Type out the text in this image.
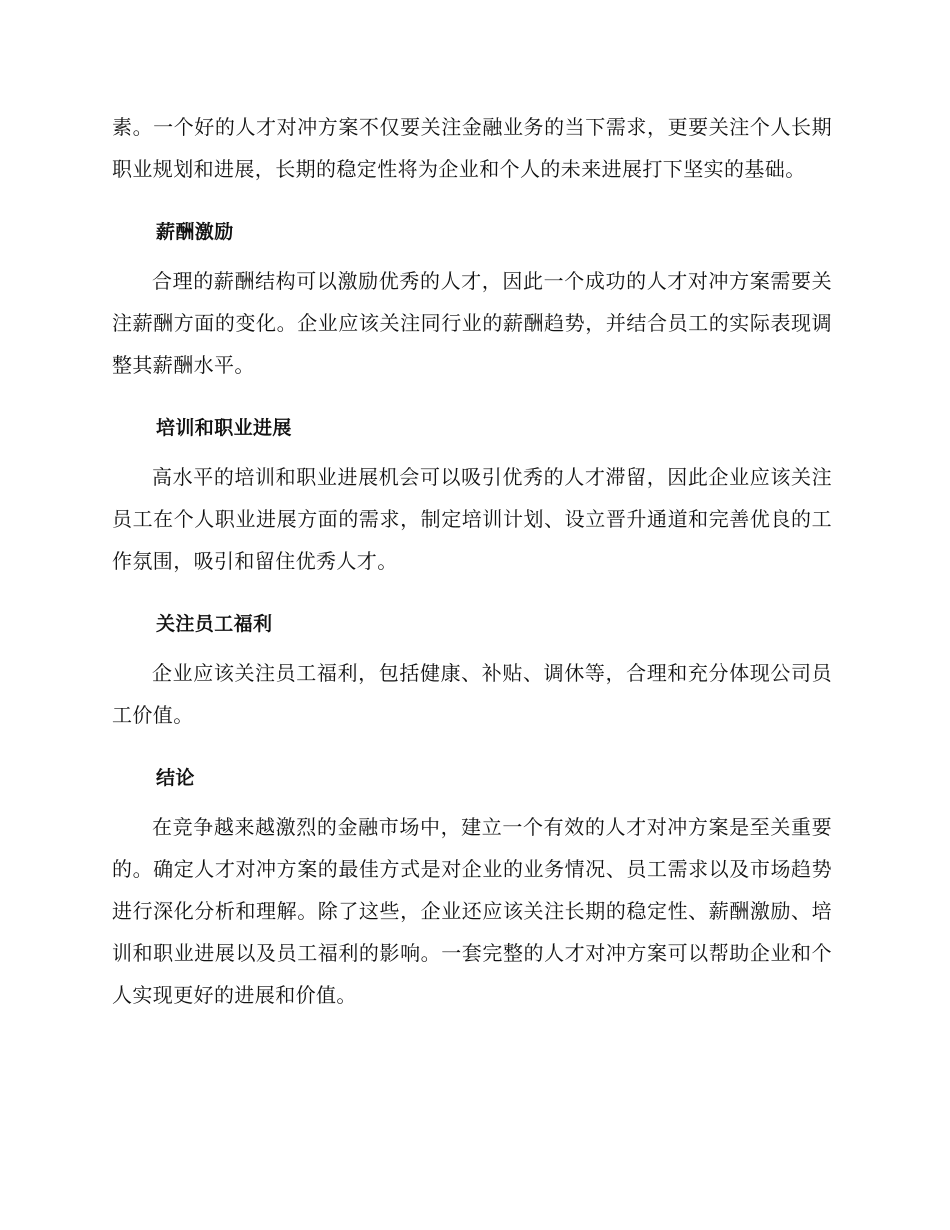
素。一个好的人才对冲方案不仅要关注金融业务的当下需求，更要关注个人长期职业规划和进展，长期的稳定性将为企业和个人的未来进展打下坚实的基础。

薪酬激励

合理的薪酬结构可以激励优秀的人才，因此一个成功的人才对冲方案需要关注薪酬方面的变化。企业应该关注同行业的薪酬趋势，并结合员工的实际表现调整其薪酬水平。

培训和职业进展

高水平的培训和职业进展机会可以吸引优秀的人才滞留，因此企业应该关注员工在个人职业进展方面的需求，制定培训计划、设立晋升通道和完善优良的工作氛围，吸引和留住优秀人才。

关注员工福利

企业应该关注员工福利，包括健康、补贴、调休等，合理和充分体现公司员工价值。

结论

在竞争越来越激烈的金融市场中，建立一个有效的人才对冲方案是至关重要的。确定人才对冲方案的最佳方式是对企业的业务情况、员工需求以及市场趋势进行深化分析和理解。除了这些，企业还应该关注长期的稳定性、薪酬激励、培训和职业进展以及员工福利的影响。一套完整的人才对冲方案可以帮助企业和个人实现更好的进展和价值。
